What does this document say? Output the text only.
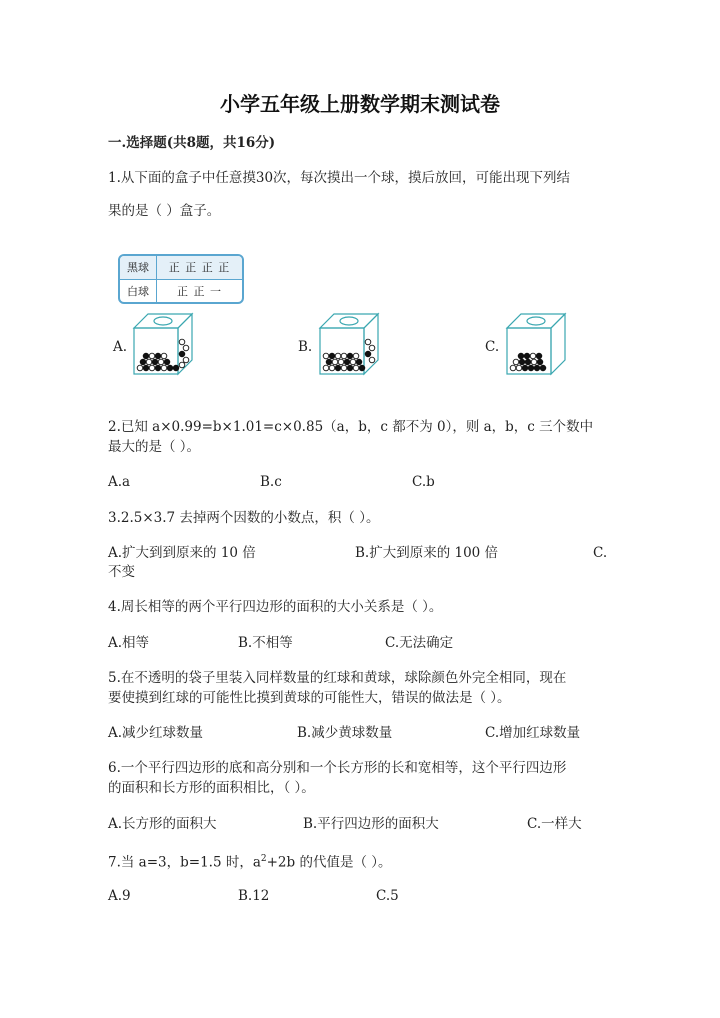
小学五年级上册数学期末测试卷
一.选择题(共8题，共16分)
1.从下面的盒子中任意摸30次，每次摸出一个球，摸后放回，可能出现下列结
果的是（ ）盒子。
黑球	正 正 正 正
白球	正 正 一
A.	B.	C.
2.已知 a×0.99=b×1.01=c×0.85（a，b，c 都不为 0），则 a，b，c 三个数中
最大的是（ ）。
A.a	B.c	C.b
3.2.5×3.7 去掉两个因数的小数点，积（ ）。
A.扩大到到原来的 10 倍	B.扩大到原来的 100 倍	C.
不变
4.周长相等的两个平行四边形的面积的大小关系是（ ）。
A.相等	B.不相等	C.无法确定
5.在不透明的袋子里装入同样数量的红球和黄球，球除颜色外完全相同，现在
要使摸到红球的可能性比摸到黄球的可能性大，错误的做法是（ ）。
A.减少红球数量	B.减少黄球数量	C.增加红球数量
6.一个平行四边形的底和高分别和一个长方形的长和宽相等，这个平行四边形
的面积和长方形的面积相比，（ ）。
A.长方形的面积大	B.平行四边形的面积大	C.一样大
7.当 a=3，b=1.5 时，$a^2+2b$ 的代值是（ ）。
A.9	B.12	C.5
